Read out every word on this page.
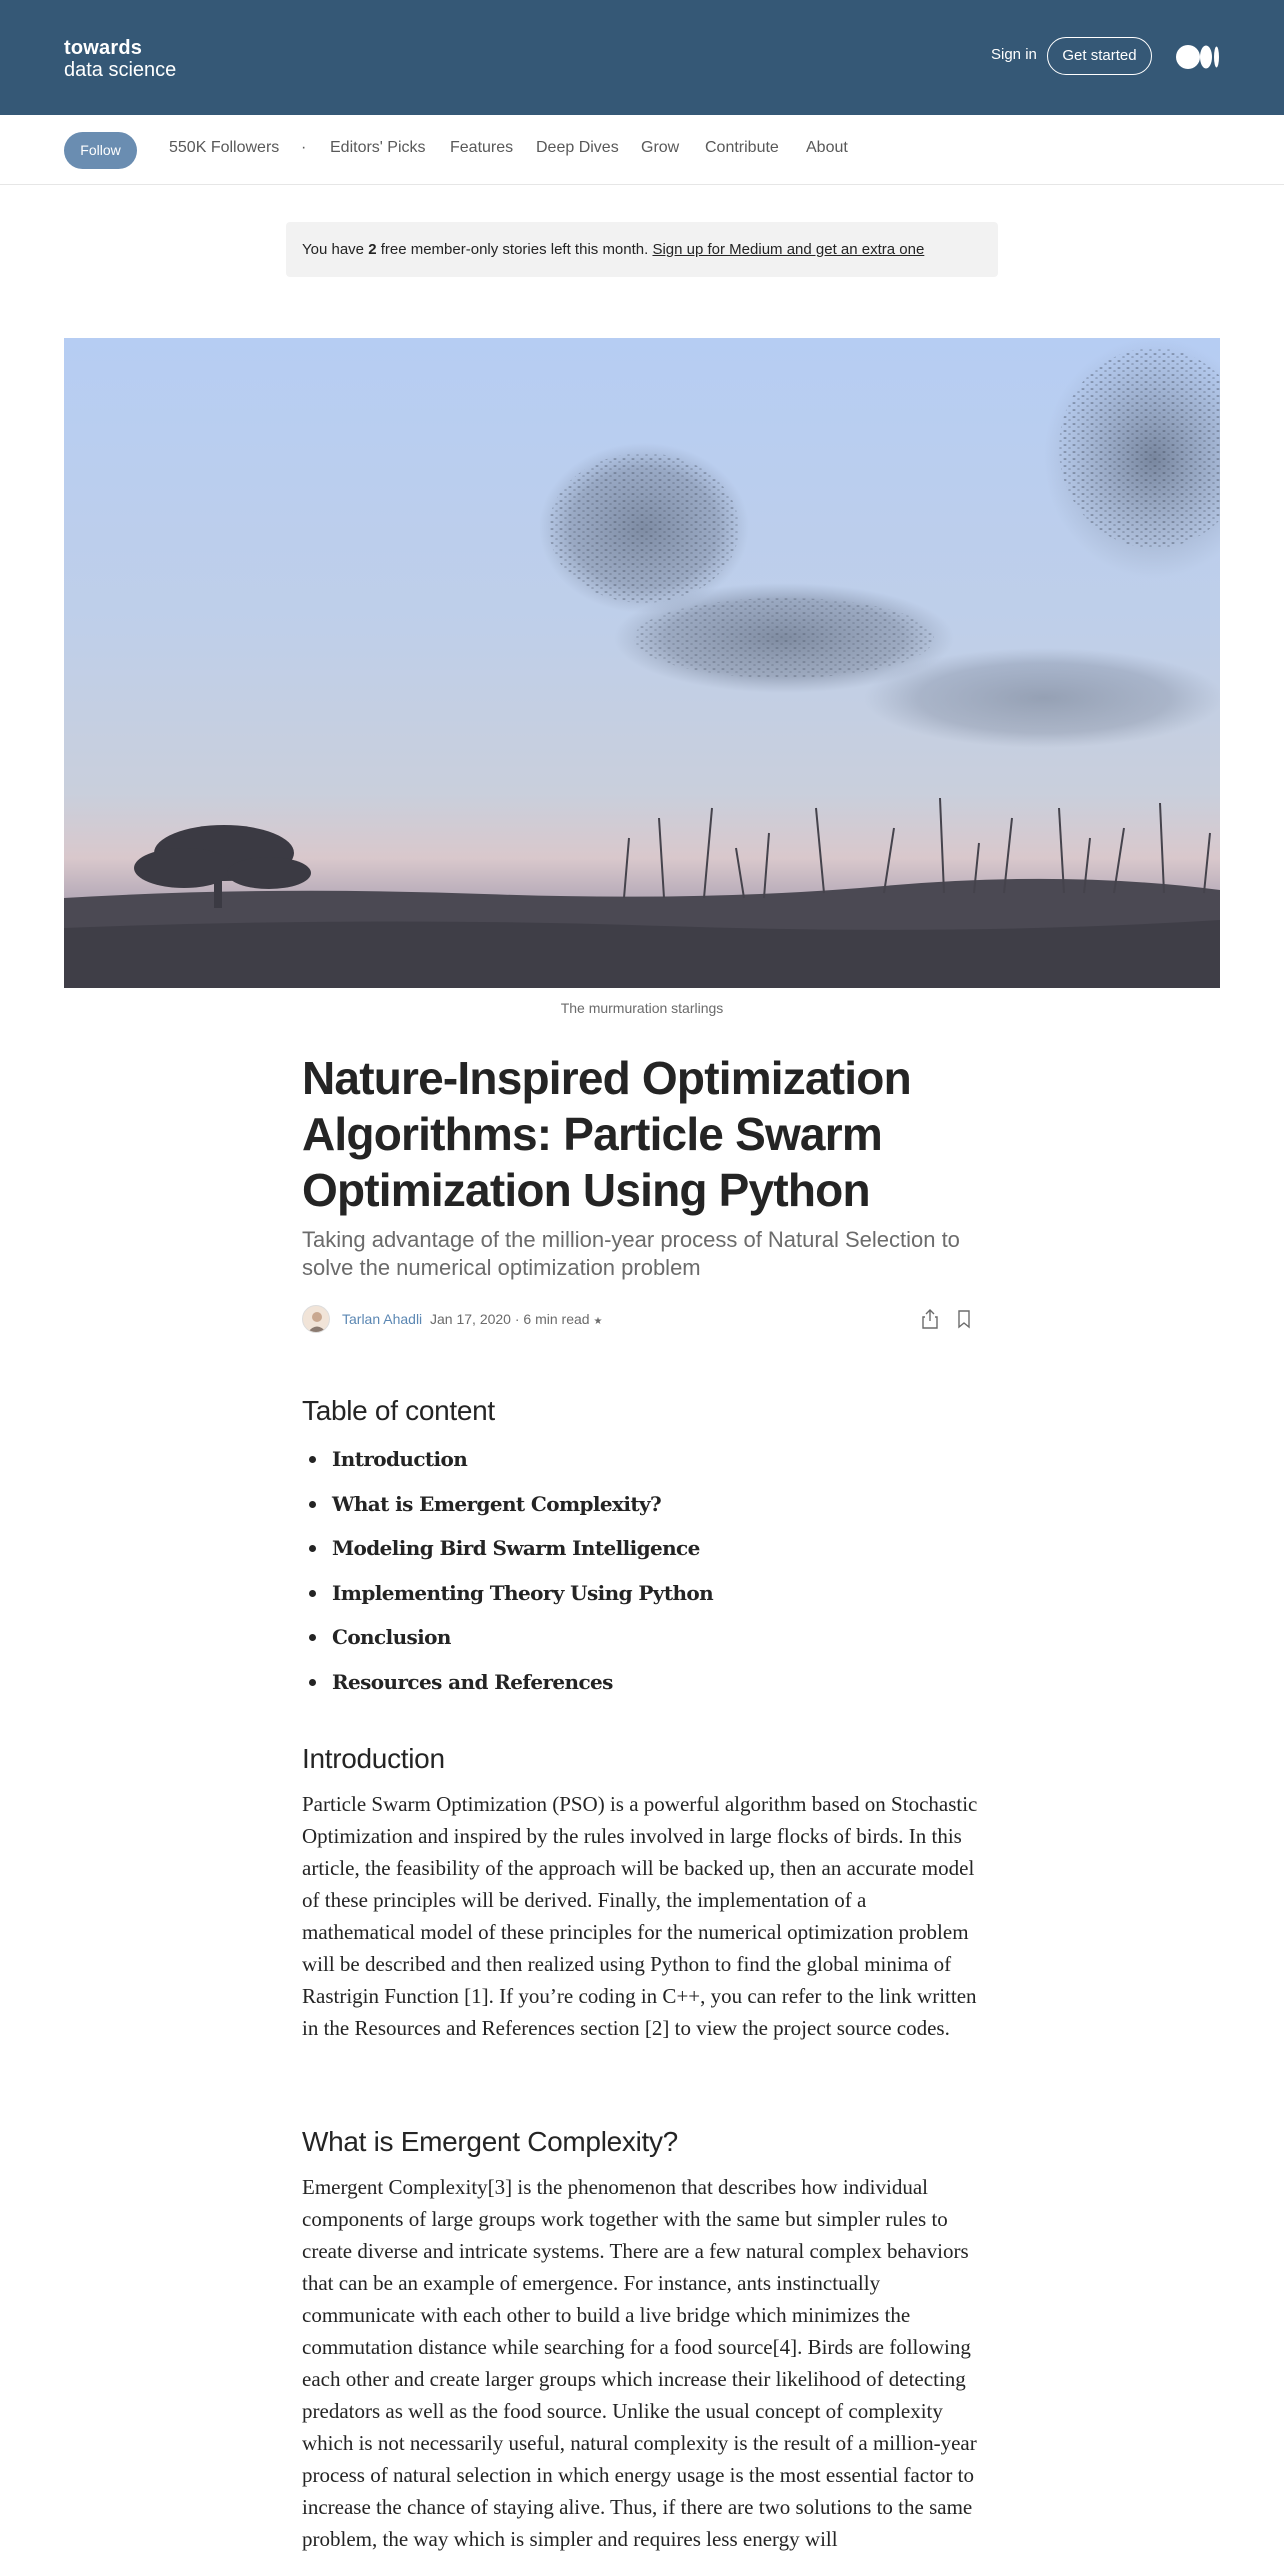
towards
data science
Sign in	Get started
Follow	550K Followers · Editors' Picks Features Deep Dives Grow Contribute About
You have 2 free member-only stories left this month. Sign up for Medium and get an extra one
The murmuration starlings
Nature-Inspired Optimization Algorithms: Particle Swarm Optimization Using Python
Taking advantage of the million-year process of Natural Selection to solve the numerical optimization problem
Tarlan Ahadli Jan 17, 2020 · 6 min read ★
Table of content
Introduction
What is Emergent Complexity?
Modeling Bird Swarm Intelligence
Implementing Theory Using Python
Conclusion
Resources and References
Introduction

Particle Swarm Optimization (PSO) is a powerful algorithm based on Stochastic Optimization and inspired by the rules involved in large flocks of birds. In this article, the feasibility of the approach will be backed up, then an accurate model of these principles will be derived. Finally, the implementation of a mathematical model of these principles for the numerical optimization problem will be described and then realized using Python to find the global minima of Rastrigin Function [1]. If you’re coding in C++, you can refer to the link written in the Resources and References section [2] to view the project source codes.

What is Emergent Complexity?

Emergent Complexity[3] is the phenomenon that describes how individual components of large groups work together with the same but simpler rules to create diverse and intricate systems. There are a few natural complex behaviors that can be an example of emergence. For instance, ants instinctually communicate with each other to build a live bridge which minimizes the commutation distance while searching for a food source[4]. Birds are following each other and create larger groups which increase their likelihood of detecting predators as well as the food source. Unlike the usual concept of complexity which is not necessarily useful, natural complexity is the result of a million-year process of natural selection in which energy usage is the most essential factor to increase the chance of staying alive. Thus, if there are two solutions to the same problem, the way which is simpler and requires less energy will
